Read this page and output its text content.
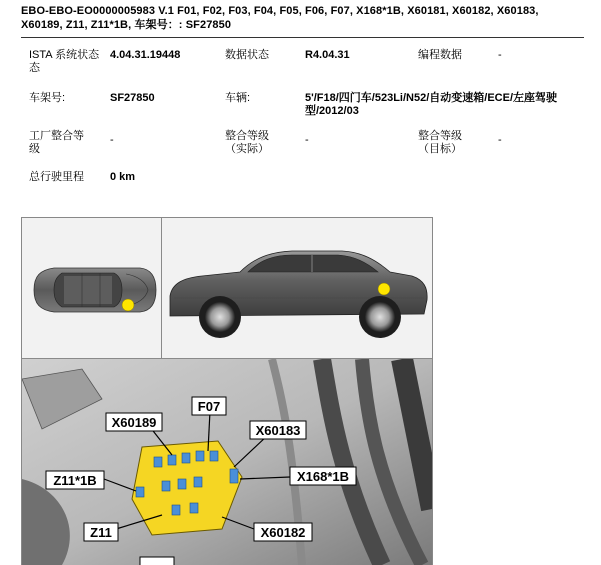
EBO-EBO-EO0000005983 V.1 F01, F02, F03, F04, F05, F06, F07, X168*1B, X60181, X60182, X60183,
X60189, Z11, Z11*1B, 车架号：: SF27850
ISTA 系统状态
态
4.04.31.19448	数据状态	R4.04.31	编程数据	-
车架号:	SF27850	车辆:	5'/F18/四门车/523Li/N52/自动变速箱/ECE/左座驾驶
型/2012/03
工厂整合等
级
-	整合等级
（实际）
-	整合等级
（目标）
-
总行驶里程 0 km
F07
X60189
X60183
Z11*1B	X168*1B
Z11	X60182
